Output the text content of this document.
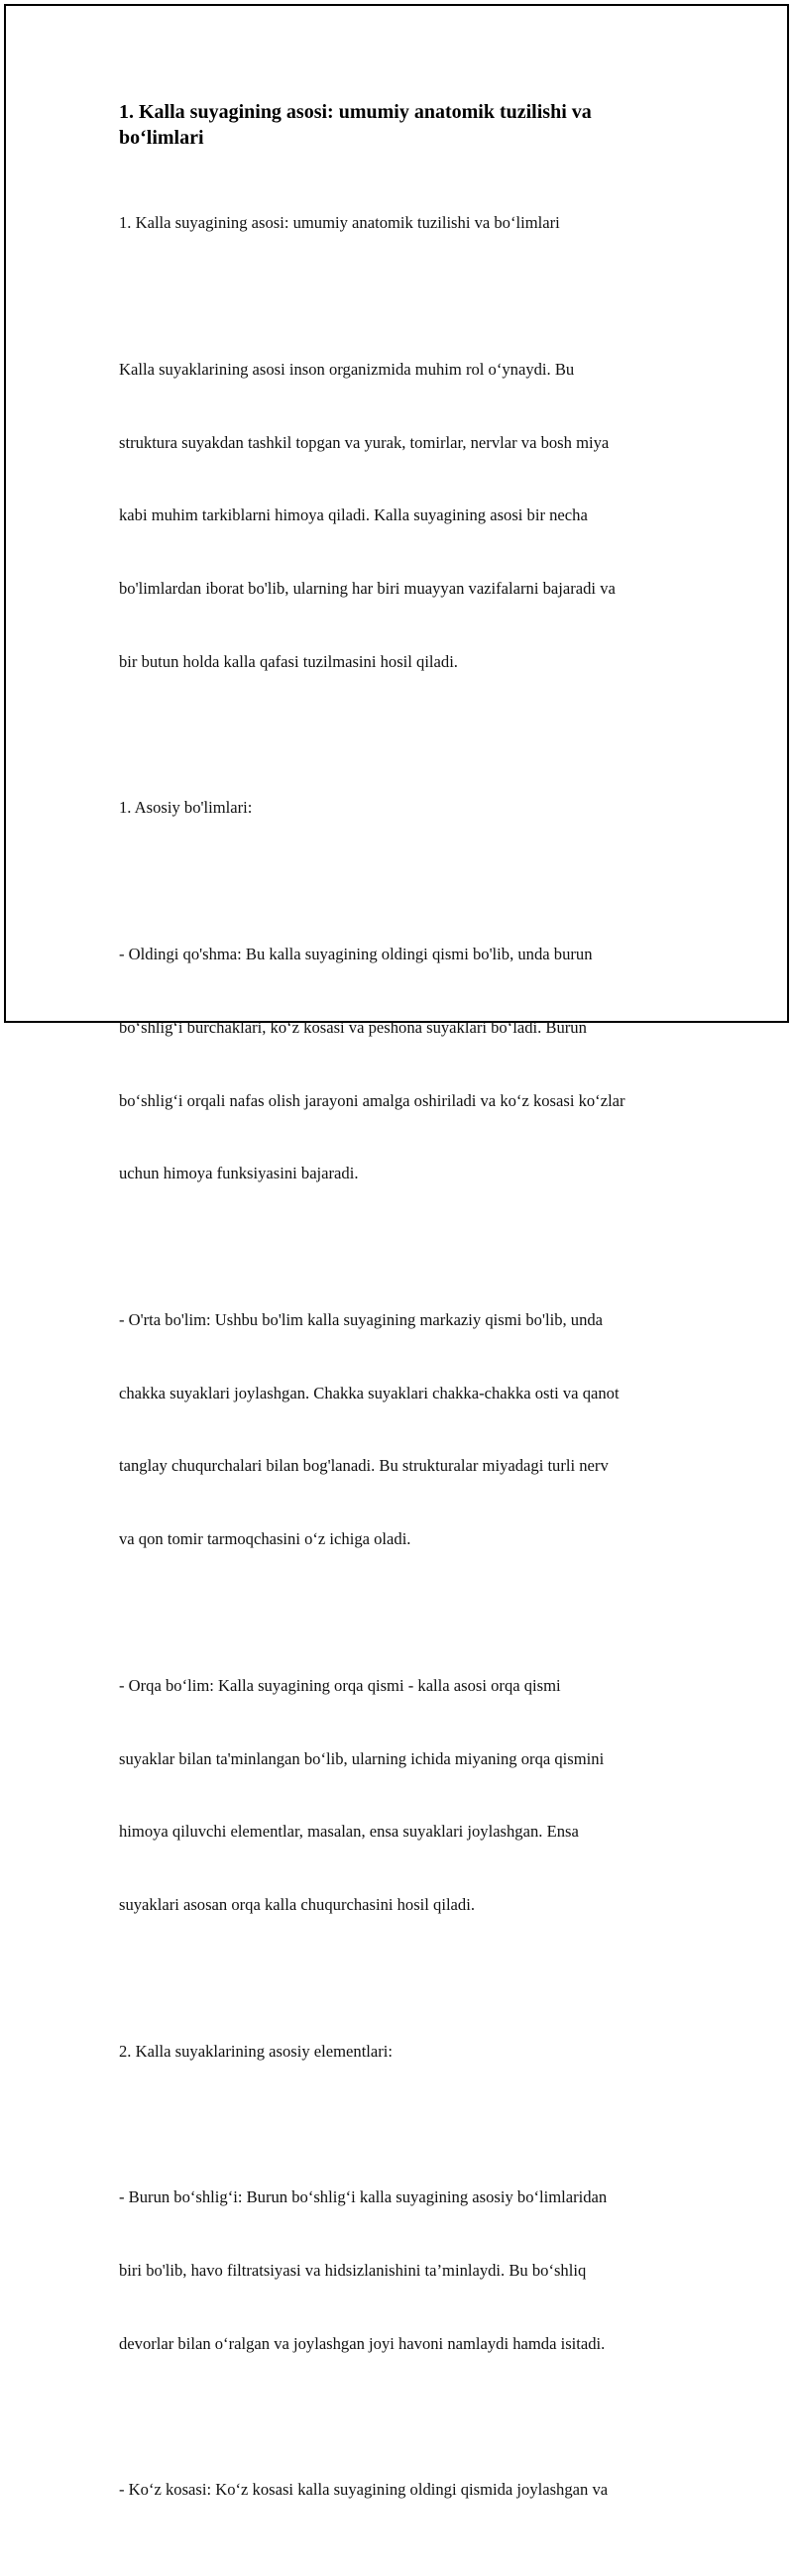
1. Kalla suyagining asosi: umumiy anatomik tuzilishi va
bo‘limlari

1. Kalla suyagining asosi: umumiy anatomik tuzilishi va bo‘limlari

Kalla suyaklarining asosi inson organizmida muhim rol o‘ynaydi. Bu

struktura suyakdan tashkil topgan va yurak, tomirlar, nervlar va bosh miya

kabi muhim tarkiblarni himoya qiladi. Kalla suyagining asosi bir necha

bo'limlardan iborat bo'lib, ularning har biri muayyan vazifalarni bajaradi va

bir butun holda kalla qafasi tuzilmasini hosil qiladi.

1. Asosiy bo'limlari:

- Oldingi qo'shma: Bu kalla suyagining oldingi qismi bo'lib, unda burun

bo‘shlig‘i burchaklari, ko‘z kosasi va peshona suyaklari bo‘ladi. Burun

bo‘shlig‘i orqali nafas olish jarayoni amalga oshiriladi va ko‘z kosasi ko‘zlar

uchun himoya funksiyasini bajaradi.

- O'rta bo'lim: Ushbu bo'lim kalla suyagining markaziy qismi bo'lib, unda

chakka suyaklari joylashgan. Chakka suyaklari chakka-chakka osti va qanot

tanglay chuqurchalari bilan bog'lanadi. Bu strukturalar miyadagi turli nerv

va qon tomir tarmoqchasini o‘z ichiga oladi.

- Orqa bo‘lim: Kalla suyagining orqa qismi - kalla asosi orqa qismi

suyaklar bilan ta'minlangan bo‘lib, ularning ichida miyaning orqa qismini

himoya qiluvchi elementlar, masalan, ensa suyaklari joylashgan. Ensa

suyaklari asosan orqa kalla chuqurchasini hosil qiladi.

2. Kalla suyaklarining asosiy elementlari:

- Burun bo‘shlig‘i: Burun bo‘shlig‘i kalla suyagining asosiy bo‘limlaridan

biri bo'lib, havo filtratsiyasi va hidsizlanishini ta’minlaydi. Bu bo‘shliq

devorlar bilan o‘ralgan va joylashgan joyi havoni namlaydi hamda isitadi.

- Ko‘z kosasi: Ko‘z kosasi kalla suyagining oldingi qismida joylashgan va
